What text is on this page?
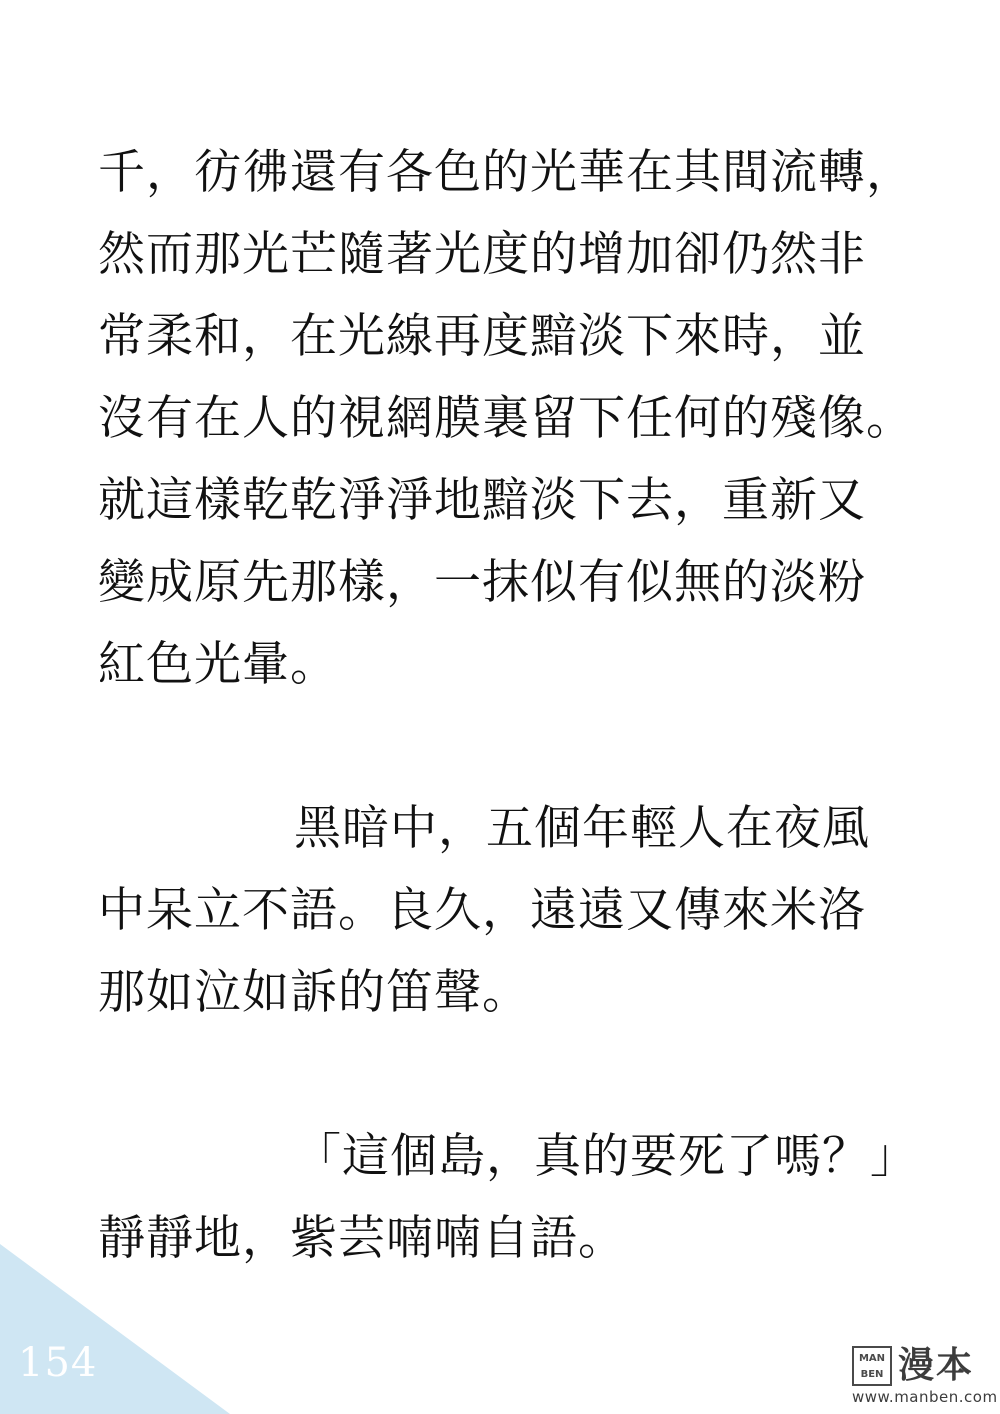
千，彷彿還有各色的光華在其間流轉，
然而那光芒隨著光度的增加卻仍然非
常柔和，在光線再度黯淡下來時，並
沒有在人的視網膜裏留下任何的殘像。
就這樣乾乾淨淨地黯淡下去，重新又
變成原先那樣，一抹似有似無的淡粉
紅色光暈。
黑暗中，五個年輕人在夜風
中呆立不語。良久，遠遠又傳來米洛
那如泣如訴的笛聲。
「這個島，真的要死了嗎？」
靜靜地，紫芸喃喃自語。
154	MAN
BEN 漫本
www.manben.com
